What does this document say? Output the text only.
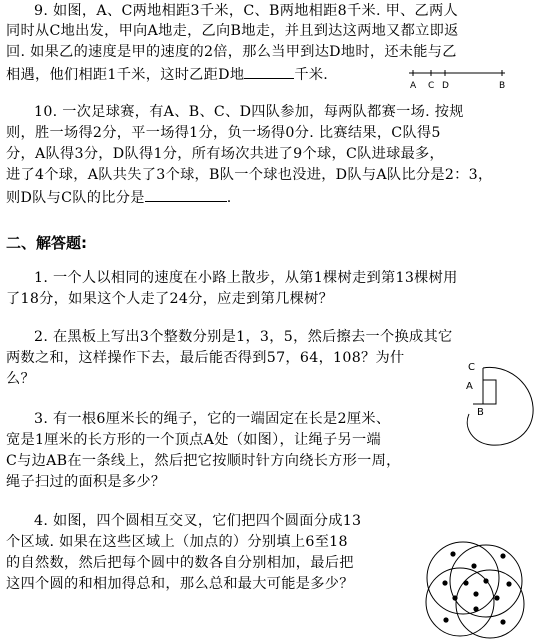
9. 如图，A、C两地相距3千米，C、B两地相距8千米. 甲、乙两人
同时从C地出发，甲向A地走，乙向B地走，并且到达这两地又都立即返
回. 如果乙的速度是甲的速度的2倍，那么当甲到达D地时，还未能与乙
相遇，他们相距1千米，这时乙距D地	千米.
A C D	B
10. 一次足球赛，有A、B、C、D四队参加，每两队都赛一场. 按规
则，胜一场得2分，平一场得1分，负一场得0分. 比赛结果，C队得5
分，A队得3分，D队得1分，所有场次共进了9个球，C队进球最多，
进了4个球，A队共失了3个球，B队一个球也没进，D队与A队比分是2：3，
则D队与C队的比分是	.
二、解答题:
1. 一个人以相同的速度在小路上散步，从第1棵树走到第13棵树用
了18分，如果这个人走了24分，应走到第几棵树？
2. 在黑板上写出3个整数分别是1，3，5，然后擦去一个换成其它
两数之和，这样操作下去，最后能否得到57，64，108？为什
么？
3. 有一根6厘米长的绳子，它的一端固定在长是2厘米、
宽是1厘米的长方形的一个顶点A处（如图），让绳子另一端
C与边AB在一条线上，然后把它按顺时针方向绕长方形一周，
绳子扫过的面积是多少？
C
A
B
4. 如图，四个圆相互交叉，它们把四个圆面分成13
个区域. 如果在这些区域上（加点的）分别填上6至18
的自然数，然后把每个圆中的数各自分别相加，最后把
这四个圆的和相加得总和，那么总和最大可能是多少？
